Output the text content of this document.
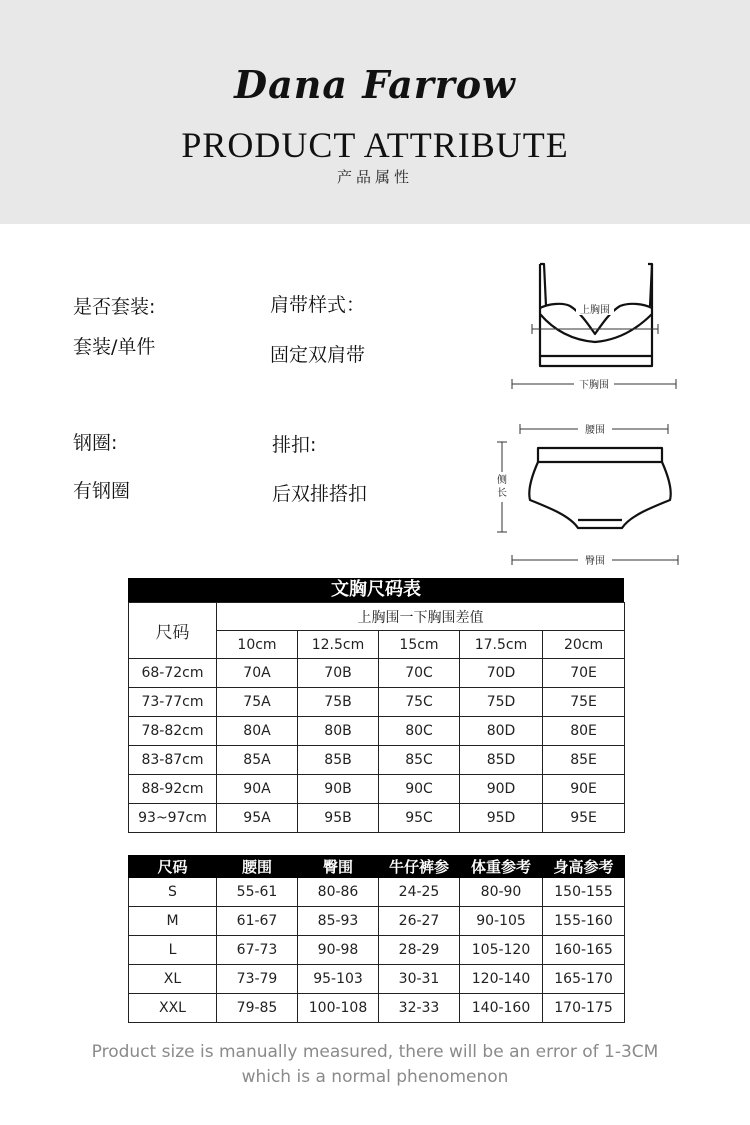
Dana Farrow
PRODUCT ATTRIBUTE
产品属性
是否套装:
套装/单件
肩带样式：
固定双肩带
钢圈:
有钢圈
排扣:
后双排搭扣
上胸围
下胸围
腰围
侧
长
臀围
文胸尺码表
尺码	上胸围一下胸围差值				
	10cm	12.5cm	15cm	17.5cm	20cm
68-72cm	70A	70B	70C	70D	70E
73-77cm	75A	75B	75C	75D	75E
78-82cm	80A	80B	80C	80D	80E
83-87cm	85A	85B	85C	85D	85E
88-92cm	90A	90B	90C	90D	90E
93~97cm	95A	95B	95C	95D	95E
尺码	腰围	臀围	牛仔裤参	体重参考	身高参考
S	55-61	80-86	24-25	80-90	150-155
M	61-67	85-93	26-27	90-105	155-160
L	67-73	90-98	28-29	105-120	160-165
XL	73-79	95-103	30-31	120-140	165-170
XXL	79-85	100-108	32-33	140-160	170-175
Product size is manually measured, there will be an error of 1-3CM
which is a normal phenomenon
